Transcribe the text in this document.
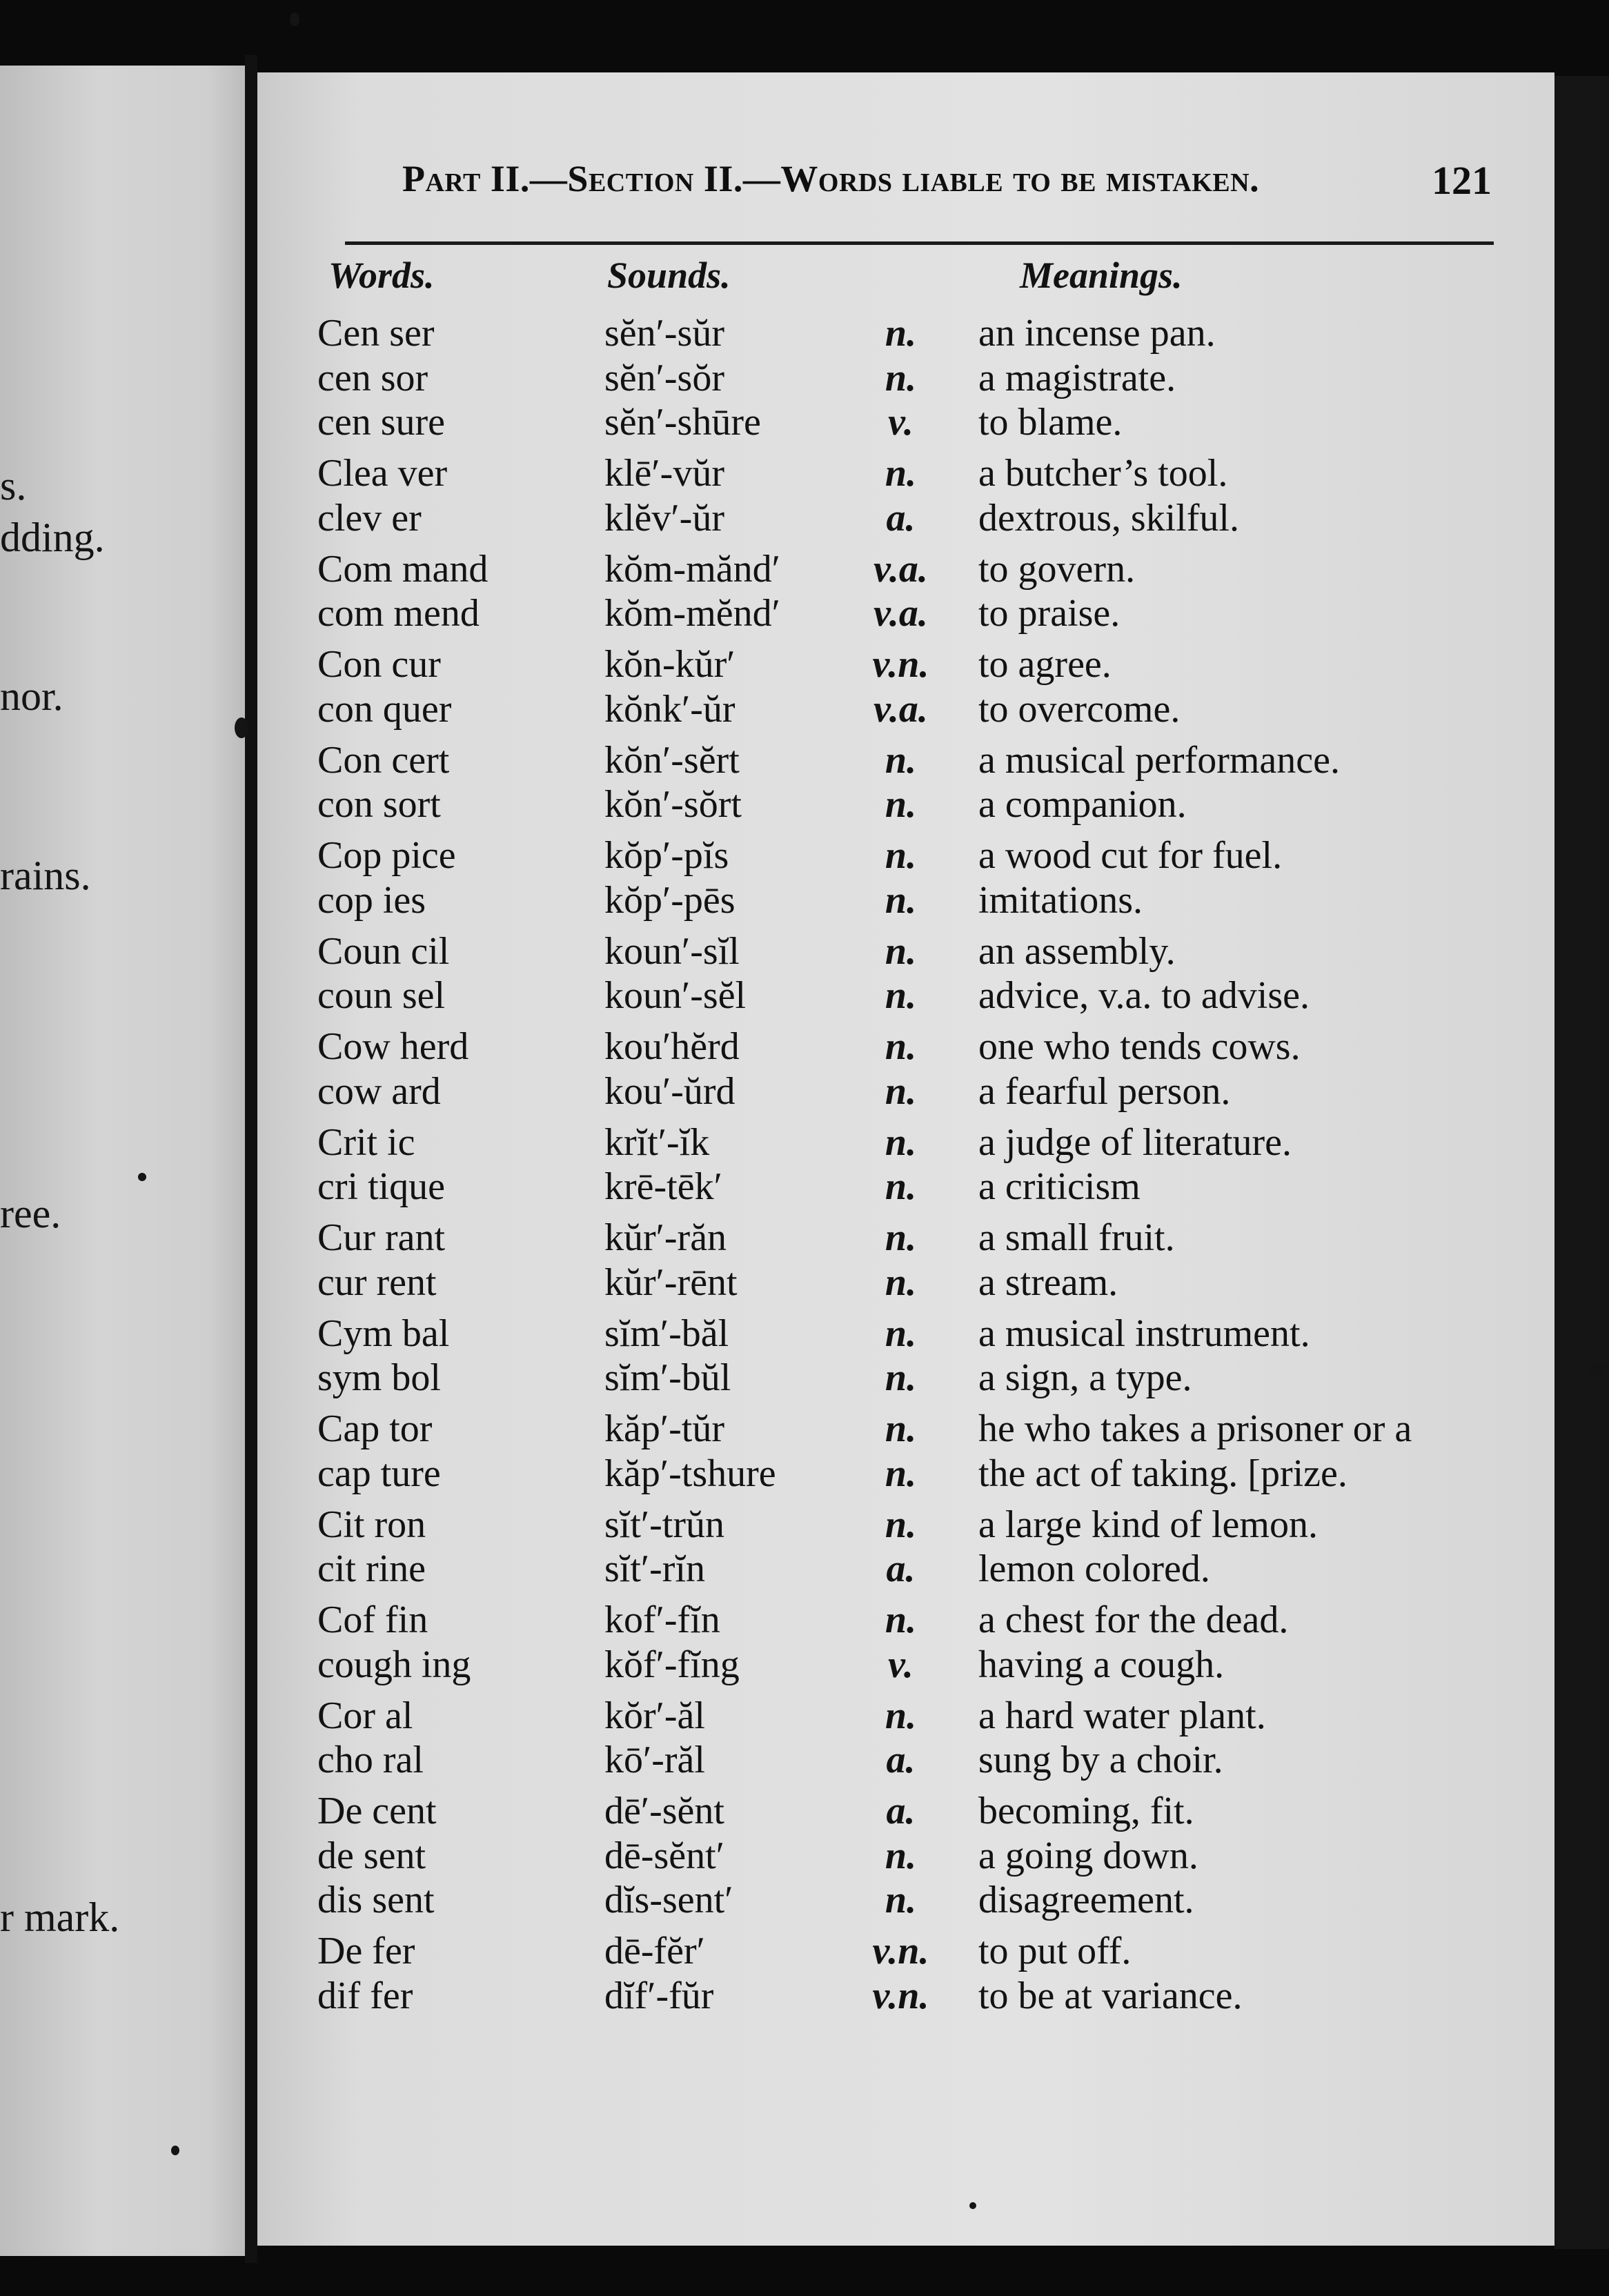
s.
dding.
nor.
rains.
ree.
r mark.
Part II.—Section II.—Words liable to be mistaken.	121
Words.	Sounds.	Meanings.
Cen ser	sĕn′-sŭr	n.	an incense pan.
cen sor	sĕn′-sŏr	n.	a magistrate.
cen sure	sĕn′-shūre	v.	to blame.
Clea ver	klē′-vŭr	n.	a butcher’s tool.
clev er	klĕv′-ŭr	a.	dextrous, skilful.
Com mand	kŏm-mănd′	v.a.	to govern.
com mend	kŏm-mĕnd′	v.a.	to praise.
Con cur	kŏn-kŭr′	v.n. to agree.
con quer	kŏnk′-ŭr	v.a.	to overcome.
Con cert	kŏn′-sĕrt	n.	a musical performance.
con sort	kŏn′-sŏrt	n.	a companion.
Cop pice	kŏp′-pĭs	n.	a wood cut for fuel.
cop ies	kŏp′-pēs	n.	imitations.
Coun cil	koun′-sĭl	n.	an assembly.
coun sel	koun′-sĕl	n.	advice, v.a. to advise.
Cow herd	kou′hĕrd	n.	one who tends cows.
cow ard	kou′-ŭrd	n.	a fearful person.
Crit ic	krĭt′-ĭk	n.	a judge of literature.
cri tique	krē-tēk′	n.	a criticism
Cur rant	kŭr′-răn	n.	a small fruit.
cur rent	kŭr′-rēnt	n.	a stream.
Cym bal	sĭm′-băl	n.	a musical instrument.
sym bol	sĭm′-bŭl	n.	a sign, a type.
Cap tor	kăp′-tŭr	n.	he who takes a prisoner or a
cap ture	kăp′-tshure	n.	the act of taking. [prize.
Cit ron	sĭt′-trŭn	n.	a large kind of lemon.
cit rine	sĭt′-rĭn	a.	lemon colored.
Cof fin	kof′-fĭn	n.	a chest for the dead.
cough ing	kŏf′-fĭng	v.	having a cough.
Cor al	kŏr′-ăl	n.	a hard water plant.
cho ral	kō′-răl	a.	sung by a choir.
De cent	dē′-sĕnt	a.	becoming, fit.
de sent	dē-sĕnt′	n.	a going down.
dis sent	dĭs-sent′	n.	disagreement.
De fer	dē-fĕr′	v.n. to put off.
dif fer	dĭf′-fŭr	v.n. to be at variance.
